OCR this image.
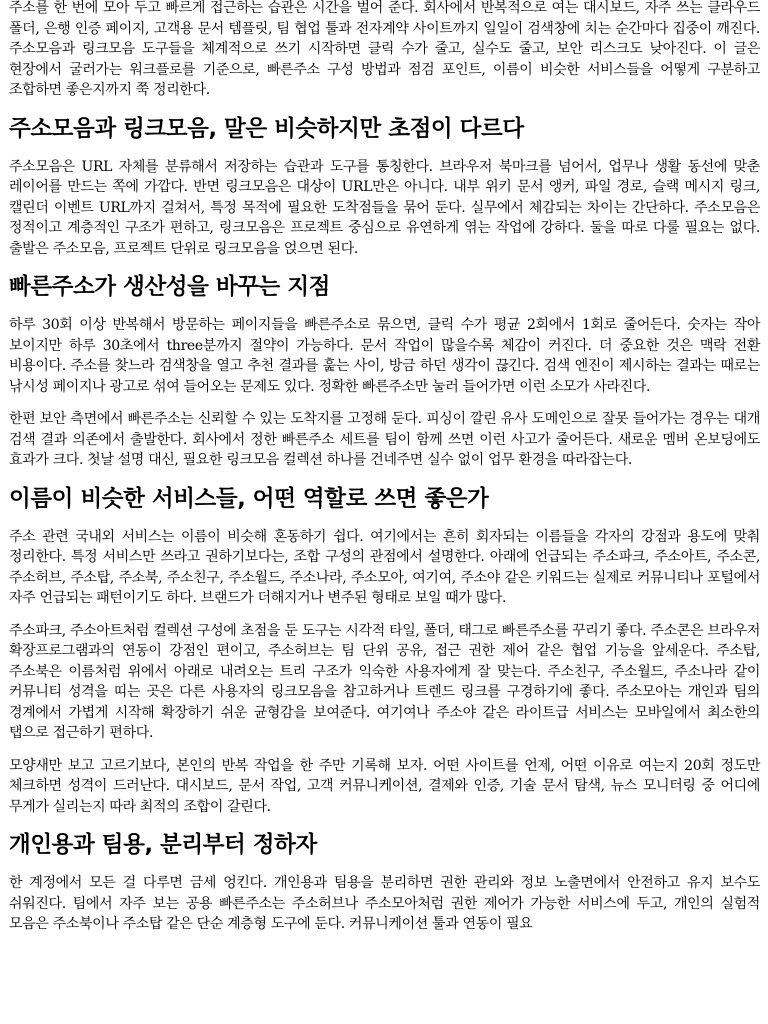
주소를 한 번에 모아 두고 빠르게 접근하는 습관은 시간을 벌어 준다. 회사에서 반복적으로 여는 대시보드, 자주 쓰는 클라우드 폴더, 은행 인증 페이지, 고객용 문서 템플릿, 팀 협업 툴과 전자계약 사이트까지 일일이 검색창에 치는 순간마다 집중이 깨진다. 주소모음과 링크모음 도구들을 체계적으로 쓰기 시작하면 클릭 수가 줄고, 실수도 줄고, 보안 리스크도 낮아진다. 이 글은 현장에서 굴러가는 워크플로를 기준으로, 빠른주소 구성 방법과 점검 포인트, 이름이 비슷한 서비스들을 어떻게 구분하고 조합하면 좋은지까지 쭉 정리한다.

주소모음과 링크모음, 말은 비슷하지만 초점이 다르다

주소모음은 URL 자체를 분류해서 저장하는 습관과 도구를 통칭한다. 브라우저 북마크를 넘어서, 업무나 생활 동선에 맞춘 레이어를 만드는 쪽에 가깝다. 반면 링크모음은 대상이 URL만은 아니다. 내부 위키 문서 앵커, 파일 경로, 슬랙 메시지 링크, 캘린더 이벤트 URL까지 걸쳐서, 특정 목적에 필요한 도착점들을 묶어 둔다. 실무에서 체감되는 차이는 간단하다. 주소모음은 정적이고 계층적인 구조가 편하고, 링크모음은 프로젝트 중심으로 유연하게 엮는 작업에 강하다. 둘을 따로 다룰 필요는 없다. 출발은 주소모음, 프로젝트 단위로 링크모음을 얹으면 된다.

빠른주소가 생산성을 바꾸는 지점

하루 30회 이상 반복해서 방문하는 페이지들을 빠른주소로 묶으면, 클릭 수가 평균 2회에서 1회로 줄어든다. 숫자는 작아 보이지만 하루 30초에서 three분까지 절약이 가능하다. 문서 작업이 많을수록 체감이 커진다. 더 중요한 것은 맥락 전환 비용이다. 주소를 찾느라 검색창을 열고 추천 결과를 훑는 사이, 방금 하던 생각이 끊긴다. 검색 엔진이 제시하는 결과는 때로는 낚시성 페이지나 광고로 섞여 들어오는 문제도 있다. 정확한 빠른주소만 눌러 들어가면 이런 소모가 사라진다.

한편 보안 측면에서 빠른주소는 신뢰할 수 있는 도착지를 고정해 둔다. 피싱이 깔린 유사 도메인으로 잘못 들어가는 경우는 대개 검색 결과 의존에서 출발한다. 회사에서 정한 빠른주소 세트를 팀이 함께 쓰면 이런 사고가 줄어든다. 새로운 멤버 온보딩에도 효과가 크다. 첫날 설명 대신, 필요한 링크모음 컬렉션 하나를 건네주면 실수 없이 업무 환경을 따라잡는다.

이름이 비슷한 서비스들, 어떤 역할로 쓰면 좋은가

주소 관련 국내외 서비스는 이름이 비슷해 혼동하기 쉽다. 여기에서는 흔히 회자되는 이름들을 각자의 강점과 용도에 맞춰 정리한다. 특정 서비스만 쓰라고 권하기보다는, 조합 구성의 관점에서 설명한다. 아래에 언급되는 주소파크, 주소아트, 주소콘, 주소허브, 주소탑, 주소북, 주소친구, 주소월드, 주소나라, 주소모아, 여기여, 주소야 같은 키워드는 실제로 커뮤니티나 포털에서 자주 언급되는 패턴이기도 하다. 브랜드가 더해지거나 변주된 형태로 보일 때가 많다.

주소파크, 주소아트처럼 컬렉션 구성에 초점을 둔 도구는 시각적 타일, 폴더, 태그로 빠른주소를 꾸리기 좋다. 주소콘은 브라우저 확장프로그램과의 연동이 강점인 편이고, 주소허브는 팀 단위 공유, 접근 권한 제어 같은 협업 기능을 앞세운다. 주소탑, 주소북은 이름처럼 위에서 아래로 내려오는 트리 구조가 익숙한 사용자에게 잘 맞는다. 주소친구, 주소월드, 주소나라 같이 커뮤니티 성격을 띠는 곳은 다른 사용자의 링크모음을 참고하거나 트렌드 링크를 구경하기에 좋다. 주소모아는 개인과 팀의 경계에서 가볍게 시작해 확장하기 쉬운 균형감을 보여준다. 여기여나 주소야 같은 라이트급 서비스는 모바일에서 최소한의 탭으로 접근하기 편하다.

모양새만 보고 고르기보다, 본인의 반복 작업을 한 주만 기록해 보자. 어떤 사이트를 언제, 어떤 이유로 여는지 20회 정도만 체크하면 성격이 드러난다. 대시보드, 문서 작업, 고객 커뮤니케이션, 결제와 인증, 기술 문서 탐색, 뉴스 모니터링 중 어디에 무게가 실리는지 따라 최적의 조합이 갈린다.

개인용과 팀용, 분리부터 정하자

한 계정에서 모든 걸 다루면 금세 엉킨다. 개인용과 팀용을 분리하면 권한 관리와 정보 노출면에서 안전하고 유지 보수도 쉬워진다. 팀에서 자주 보는 공용 빠른주소는 주소허브나 주소모아처럼 권한 제어가 가능한 서비스에 두고, 개인의 실험적 모음은 주소북이나 주소탑 같은 단순 계층형 도구에 둔다. 커뮤니케이션 툴과 연동이 필요
